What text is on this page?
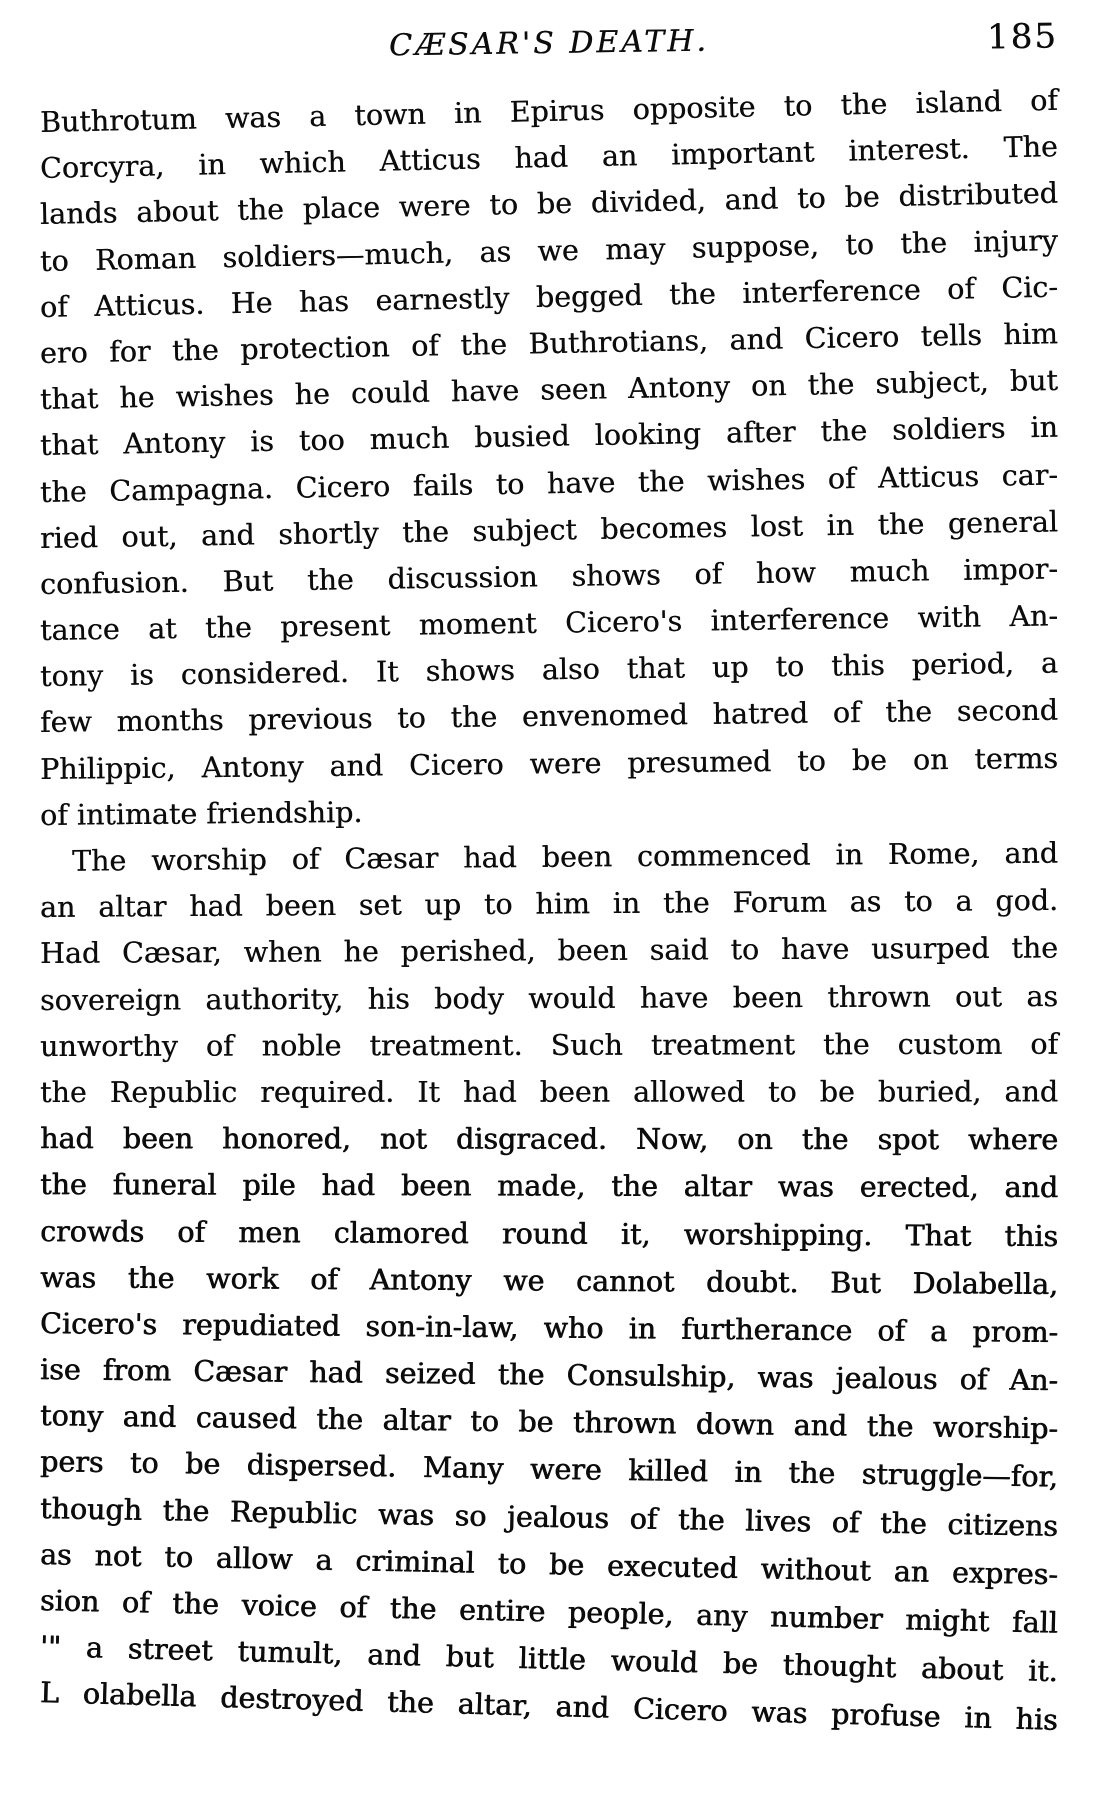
CÆSAR'S DEATH.	185
Buthrotum was a town in Epirus opposite to the island of
Corcyra, in which Atticus had an important interest. The
lands about the place were to be divided, and to be distributed
to Roman soldiers—much, as we may suppose, to the injury
of Atticus. He has earnestly begged the interference of Cic-
ero for the protection of the Buthrotians, and Cicero tells him
that he wishes he could have seen Antony on the subject, but
that Antony is too much busied looking after the soldiers in
the Campagna. Cicero fails to have the wishes of Atticus car-
ried out, and shortly the subject becomes lost in the general
confusion. But the discussion shows of how much impor-
tance at the present moment Cicero's interference with An-
tony is considered. It shows also that up to this period, a
few months previous to the envenomed hatred of the second
Philippic, Antony and Cicero were presumed to be on terms
of intimate friendship.
The worship of Cæsar had been commenced in Rome, and
an altar had been set up to him in the Forum as to a god.
Had Cæsar, when he perished, been said to have usurped the
sovereign authority, his body would have been thrown out as
unworthy of noble treatment. Such treatment the custom of
the Republic required. It had been allowed to be buried, and
had been honored, not disgraced. Now, on the spot where
the funeral pile had been made, the altar was erected, and
crowds of men clamored round it, worshipping. That this
was the work of Antony we cannot doubt. But Dolabella,
Cicero's repudiated son-in-law, who in furtherance of a prom-
ise from Cæsar had seized the Consulship, was jealous of An-
tony and caused the altar to be thrown down and the worship-
pers to be dispersed. Many were killed in the struggle—for,
though the Republic was so jealous of the lives of the citizens
as not to allow a criminal to be executed without an expres-
sion of the voice of the entire people, any number might fall
'" a street tumult, and but little would be thought about it.
L olabella destroyed the altar, and Cicero was profuse in his
